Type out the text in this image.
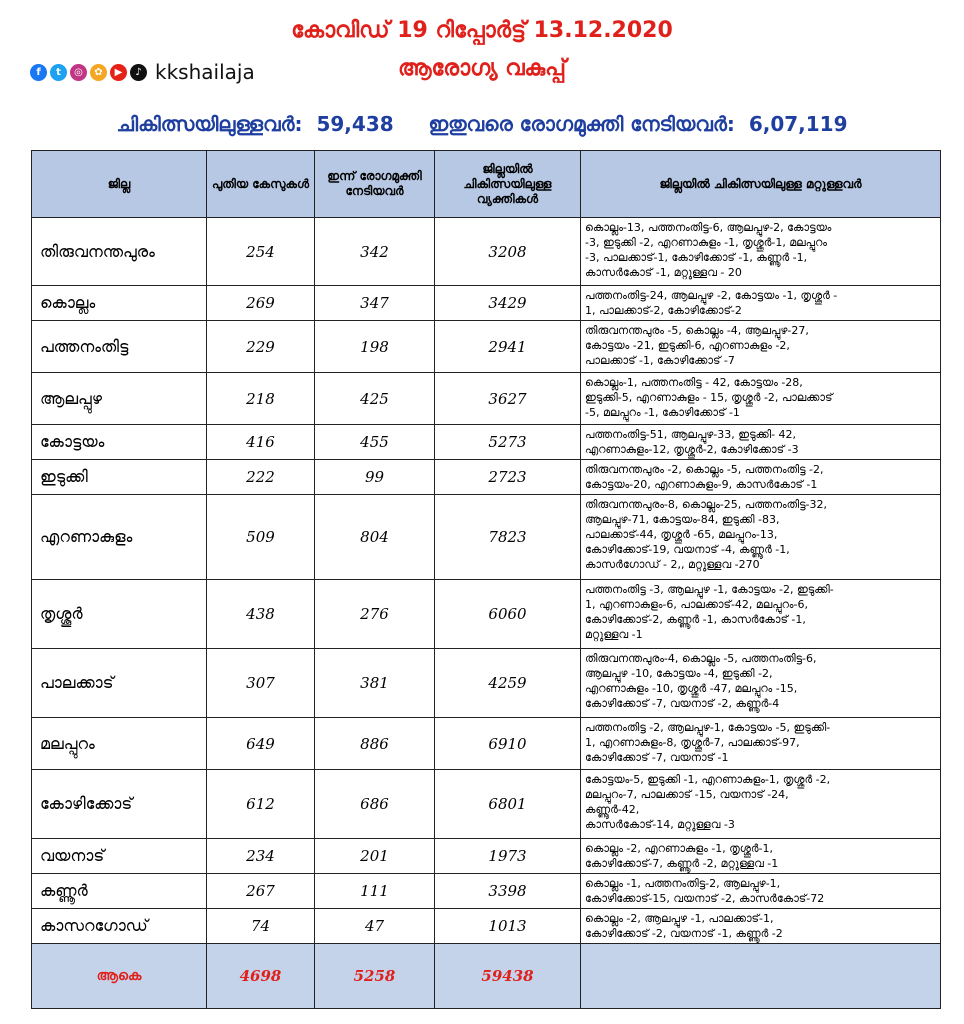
കോവിഡ് 19 റിപ്പോർട്ട് 13.12.2020
ആരോഗ്യ വകുപ്പ്
f	t	◎	✿	▶	♪ kkshailaja
ചികിത്സയിലുള്ളവർ: 59,438 ഇതുവരെ രോഗമുക്തി നേടിയവർ: 6,07,119
ജില്ല	പുതിയ കേസുകൾ	ഇന്ന് രോഗമുക്തി നേടിയവർ	ജില്ലയിൽ ചികിത്സയിലുള്ള വ്യക്തികൾ	ജില്ലയിൽ ചികിത്സയിലുള്ള മറ്റുള്ളവർ
തിരുവനന്തപുരം	254	342	3208	കൊല്ലം-13, പത്തനംതിട്ട-6, ആലപ്പുഴ-2, കോട്ടയം
-3, ഇടുക്കി -2, എറണാകുളം -1, തൃശ്ശൂർ-1, മലപ്പുറം
-3, പാലക്കാട്-1, കോഴിക്കോട് -1, കണ്ണൂർ -1,
കാസർകോട് -1, മറ്റുള്ളവ - 20

കൊല്ലം	269	347	3429	പത്തനംതിട്ട-24, ആലപ്പുഴ -2, കോട്ടയം -1, തൃശ്ശൂർ -
1, പാലക്കാട്-2, കോഴിക്കോട്-2

പത്തനംതിട്ട	229	198	2941	തിരുവനന്തപുരം -5, കൊല്ലം -4, ആലപ്പുഴ-27,
കോട്ടയം -21, ഇടുക്കി-6, എറണാകുളം -2,
പാലക്കാട് -1, കോഴിക്കോട് -7

ആലപ്പുഴ	218	425	3627	കൊല്ലം-1, പത്തനംതിട്ട - 42, കോട്ടയം -28,
ഇടുക്കി-5, എറണാകുളം - 15, തൃശ്ശൂർ -2, പാലക്കാട്
-5, മലപ്പുറം -1, കോഴിക്കോട് -1

കോട്ടയം	416	455	5273	പത്തനംതിട്ട-51, ആലപ്പുഴ-33, ഇടുക്കി- 42,
എറണാകുളം-12, തൃശ്ശൂർ-2, കോഴിക്കോട് -3

ഇടുക്കി	222	99	2723	തിരുവനന്തപുരം -2, കൊല്ലം -5, പത്തനംതിട്ട -2,
കോട്ടയം-20, എറണാകുളം-9, കാസർകോട് -1

എറണാകുളം	509	804	7823	തിരുവനന്തപുരം-8, കൊല്ലം-25, പത്തനംതിട്ട-32,
ആലപ്പുഴ-71, കോട്ടയം-84, ഇടുക്കി -83,
പാലക്കാട്-44, തൃശ്ശൂർ -65, മലപ്പുറം-13,
കോഴിക്കോട്-19, വയനാട് -4, കണ്ണൂർ -1,
കാസർഗോഡ് - 2,, മറ്റുള്ളവ -270

തൃശ്ശൂർ	438	276	6060	പത്തനംതിട്ട -3, ആലപ്പുഴ -1, കോട്ടയം -2, ഇടുക്കി-
1, എറണാകുളം-6, പാലക്കാട്-42, മലപ്പുറം-6,
കോഴിക്കോട്-2, കണ്ണൂർ -1, കാസർകോട് -1,
മറ്റുള്ളവ -1

പാലക്കാട്	307	381	4259	തിരുവനന്തപുരം-4, കൊല്ലം -5, പത്തനംതിട്ട-6,
ആലപ്പുഴ -10, കോട്ടയം -4, ഇടുക്കി -2,
എറണാകുളം -10, തൃശ്ശൂർ -47, മലപ്പുറം -15,
കോഴിക്കോട് -7, വയനാട് -2, കണ്ണൂർ-4

മലപ്പുറം	649	886	6910	പത്തനംതിട്ട -2, ആലപ്പുഴ-1, കോട്ടയം -5, ഇടുക്കി-
1, എറണാകുളം-8, തൃശ്ശൂർ-7, പാലക്കാട്-97,
കോഴിക്കോട് -7, വയനാട് -1

കോഴിക്കോട്	612	686	6801	കോട്ടയം-5, ഇടുക്കി -1, എറണാകുളം-1, തൃശ്ശൂർ -2,
മലപ്പുറം-7, പാലക്കാട് -15, വയനാട് -24,
കണ്ണൂർ-42,
കാസർകോട്-14, മറ്റുള്ളവ -3

വയനാട്	234	201	1973	കൊല്ലം -2, എറണാകുളം -1, തൃശ്ശൂർ-1,
കോഴിക്കോട്-7, കണ്ണൂർ -2, മറ്റുള്ളവ -1

കണ്ണൂർ	267	111	3398	കൊല്ലം -1, പത്തനംതിട്ട-2, ആലപ്പുഴ-1,
കോഴിക്കോട്-15, വയനാട് -2, കാസർകോട്-72

കാസറഗോഡ്	74	47	1013	കൊല്ലം -2, ആലപ്പുഴ -1, പാലക്കാട്-1,
കോഴിക്കോട് -2, വയനാട് -1, കണ്ണൂർ -2

ആകെ	4698	5258	59438	
